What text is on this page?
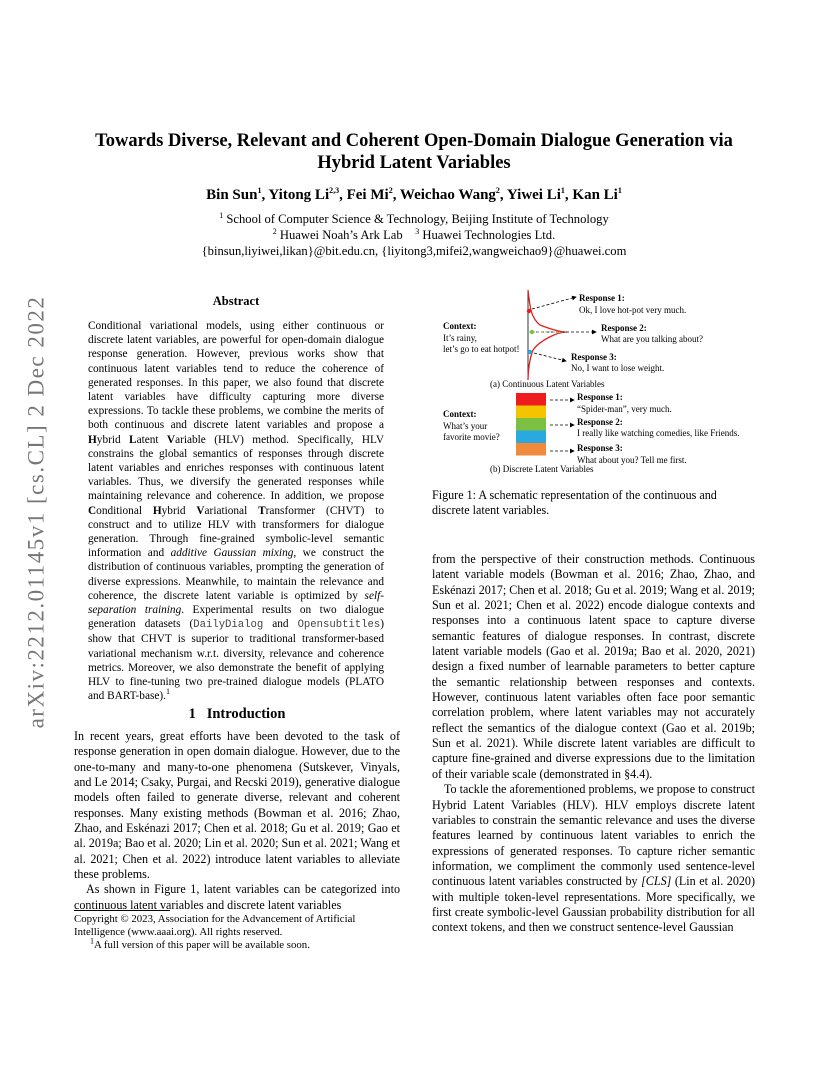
arXiv:2212.01145v1 [cs.CL] 2 Dec 2022
Towards Diverse, Relevant and Coherent Open-Domain Dialogue Generation via
Hybrid Latent Variables
Bin Sun$^1$, Yitong Li$^{2,3}$, Fei Mi$^2$, Weichao Wang$^2$, Yiwei Li$^1$, Kan Li$^1$
$^1$ School of Computer Science & Technology, Beijing Institute of Technology
$^2$ Huawei Noah’s Ark Lab $^3$ Huawei Technologies Ltd.
{binsun,liyiwei,likan}@bit.edu.cn, {liyitong3,mifei2,wangweichao9}@huawei.com
Abstract
Conditional variational models, using either continuous or discrete latent variables, are powerful for open-domain dialogue response generation. However, previous works show that continuous latent variables tend to reduce the coherence of generated responses. In this paper, we also found that discrete latent variables have difficulty capturing more diverse expressions. To tackle these problems, we combine the merits of both continuous and discrete latent variables and propose a Hybrid Latent Variable (HLV) method. Specifically, HLV constrains the global semantics of responses through discrete latent variables and enriches responses with continuous latent variables. Thus, we diversify the generated responses while maintaining relevance and coherence. In addition, we propose Conditional Hybrid Variational Transformer (CHVT) to construct and to utilize HLV with transformers for dialogue generation. Through fine-grained symbolic-level semantic information and additive Gaussian mixing, we construct the distribution of continuous variables, prompting the generation of diverse expressions. Meanwhile, to maintain the relevance and coherence, the discrete latent variable is optimized by self-separation training. Experimental results on two dialogue generation datasets (DailyDialog and Opensubtitles) show that CHVT is superior to traditional transformer-based variational mechanism w.r.t. diversity, relevance and coherence metrics. Moreover, we also demonstrate the benefit of applying HLV to fine-tuning two pre-trained dialogue models (PLATO and BART-base).$^1$
1 Introduction

In recent years, great efforts have been devoted to the task of response generation in open domain dialogue. However, due to the one-to-many and many-to-one phenomena (Sutskever, Vinyals, and Le 2014; Csaky, Purgai, and Recski 2019), generative dialogue models often failed to generate diverse, relevant and coherent responses. Many existing methods (Bowman et al. 2016; Zhao, Zhao, and Eskénazi 2017; Chen et al. 2018; Gu et al. 2019; Gao et al. 2019a; Bao et al. 2020; Lin et al. 2020; Sun et al. 2021; Wang et al. 2021; Chen et al. 2022) introduce latent variables to alleviate these problems.

As shown in Figure 1, latent variables can be categorized into continuous latent variables and discrete latent variables

Copyright © 2023, Association for the Advancement of Artificial Intelligence (www.aaai.org). All rights reserved.
$^1$A full version of this paper will be available soon.
Context:
It’s rainy,
let’s go to eat hotpot!
Response 1:
Ok, I love hot-pot very much.
Response 2:
What are you talking about?
Response 3:
No, I want to lose weight.
(a) Continuous Latent Variables
Context:
What’s your
favorite movie?
Response 1:
“Spider-man”, very much.
Response 2:
I really like watching comedies, like Friends.
Response 3:
What about you? Tell me first.
(b) Discrete Latent Variables
Figure 1: A schematic representation of the continuous and discrete latent variables.

from the perspective of their construction methods. Continuous latent variable models (Bowman et al. 2016; Zhao, Zhao, and Eskénazi 2017; Chen et al. 2018; Gu et al. 2019; Wang et al. 2019; Sun et al. 2021; Chen et al. 2022) encode dialogue contexts and responses into a continuous latent space to capture diverse semantic features of dialogue responses. In contrast, discrete latent variable models (Gao et al. 2019a; Bao et al. 2020, 2021) design a fixed number of learnable parameters to better capture the semantic relationship between responses and contexts. However, continuous latent variables often face poor semantic correlation problem, where latent variables may not accurately reflect the semantics of the dialogue context (Gao et al. 2019b; Sun et al. 2021). While discrete latent variables are difficult to capture fine-grained and diverse expressions due to the limitation of their variable scale (demonstrated in §4.4).

To tackle the aforementioned problems, we propose to construct Hybrid Latent Variables (HLV). HLV employs discrete latent variables to constrain the semantic relevance and uses the diverse features learned by continuous latent variables to enrich the expressions of generated responses. To capture richer semantic information, we compliment the commonly used sentence-level continuous latent variables constructed by [CLS] (Lin et al. 2020) with multiple token-level representations. More specifically, we first create symbolic-level Gaussian probability distribution for all context tokens, and then we construct sentence-level Gaussian
